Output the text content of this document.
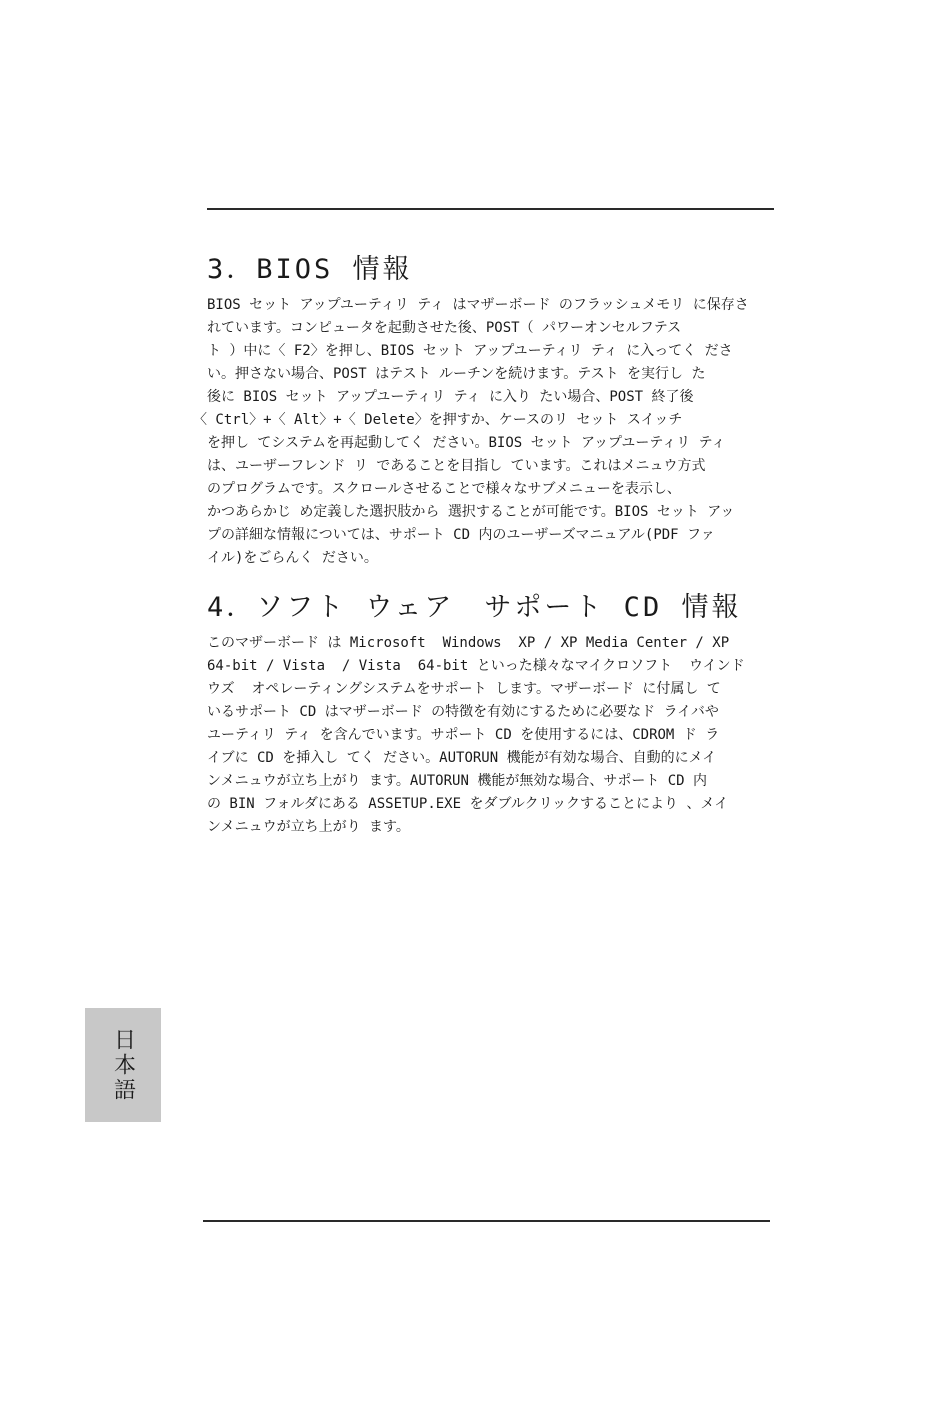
3．BIOS 情報

BIOS セット アップユーティリ ティ はマザーボード のフラッシュメモリ に保存さ
れています。コンピュータを起動させた後、POST（ パワーオンセルフテス
ト ）中に〈 F2〉を押し、BIOS セット アップユーティリ ティ に入ってく ださ
い。押さない場合、POST はテスト ルーチンを続けます。テスト を実行し た
後に BIOS セット アップユーティリ ティ に入り たい場合、POST 終了後
〈 Ctrl〉+〈 Alt〉+〈 Delete〉を押すか、ケースのリ セット スイッチ
を押し てシステムを再起動してく ださい。BIOS セット アップユーティリ ティ
は、ユーザーフレンド リ であることを目指し ています。これはメニュウ方式
のプログラムです。スクロールさせることで様々なサブメニューを表示し、
かつあらかじ め定義した選択肢から 選択することが可能です。BIOS セット アッ
プの詳細な情報については、サポート CD 内のユーザーズマニュアル(PDF ファ
イル)をごらんく ださい。

4．ソフト ウェア　サポート CD 情報

このマザーボード は Microsoft  Windows  XP / XP Media Center / XP
64-bit / Vista  / Vista  64-bit といった様々なマイクロソフト  ウインド
ウズ  オペレーティングシステムをサポート します。マザーボード に付属し て
いるサポート CD はマザーボード の特徴を有効にするために必要なド ライバや
ユーティリ ティ を含んでいます。サポート CD を使用するには、CDROM ド ラ
イブに CD を挿入し てく ださい。AUTORUN 機能が有効な場合、自動的にメイ
ンメニュウが立ち上がり ます。AUTORUN 機能が無効な場合、サポート CD 内
の BIN フォルダにある ASSETUP.EXE をダブルクリックすることにより 、メイ
ンメニュウが立ち上がり ます。

日本語
